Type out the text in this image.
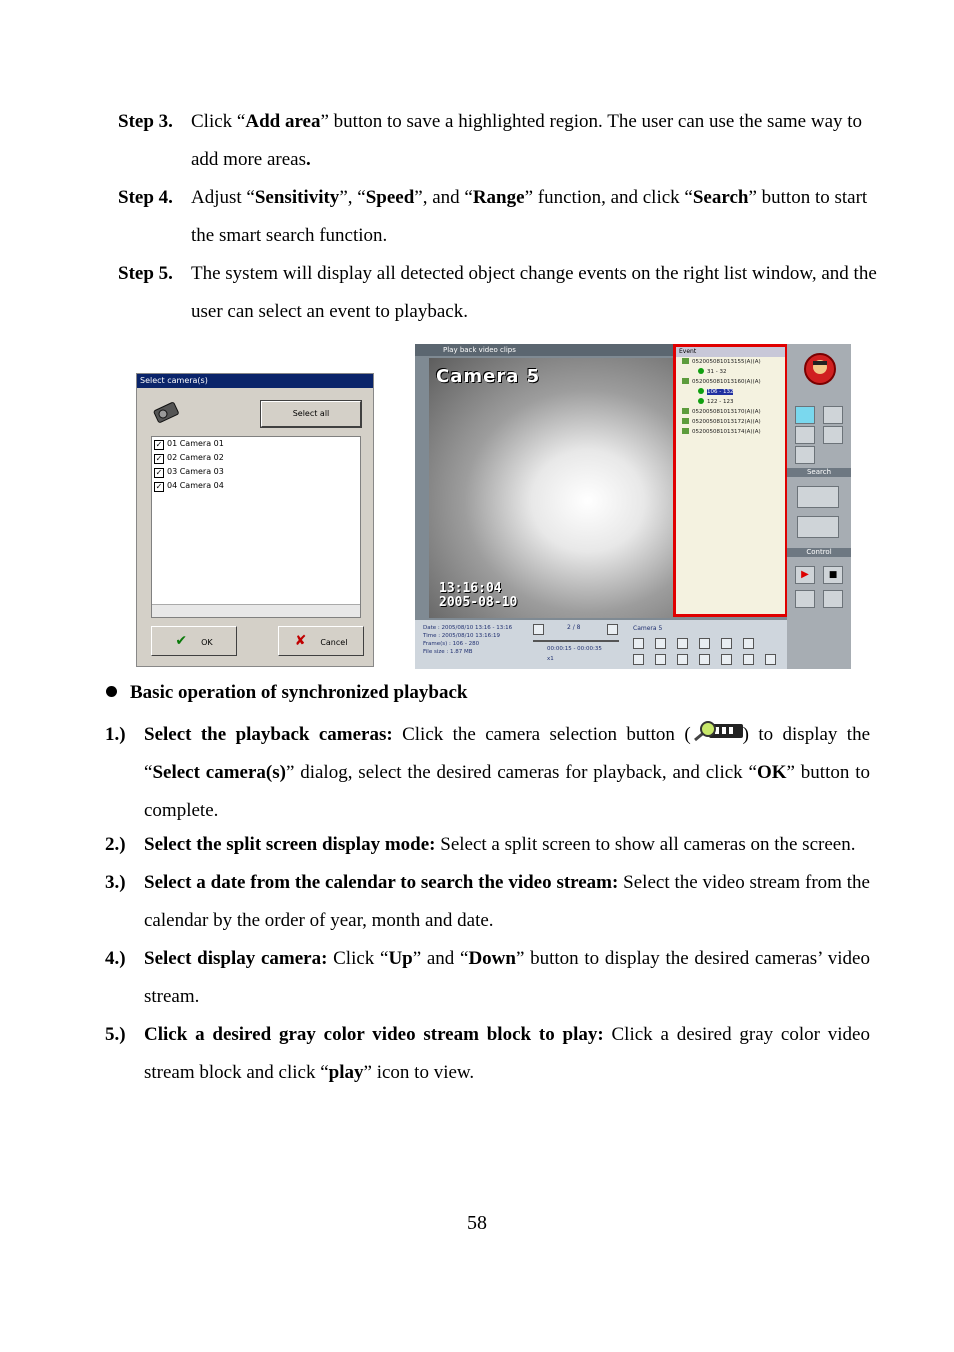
Step 3. Click “Add area” button to save a highlighted region. The user can use the same way to add more areas.
Step 4. Adjust “Sensitivity”, “Speed”, and “Range” function, and click “Search” button to start the smart search function.
Step 5. The system will display all detected object change events on the right list window, and the user can select an event to playback.
Select camera(s)
Select all
✓ 01 Camera 01
✓ 02 Camera 02
✓ 03 Camera 03
✓ 04 Camera 04
✔ OK	✘ Cancel
Play back video clips
Camera 5
13:16:04
2005-08-10
Event
052005081013155(A)(A)
31 - 32
052005081013160(A)(A)
106 - 132
122 - 123
052005081013170(A)(A)
052005081013172(A)(A)
052005081013174(A)(A)
Search
Control
▶	■
Date : 2005/08/10 13:16 - 13:16
Time : 2005/08/10 13:16:19
Frame(s) : 106 - 280
File size : 1.87 MB
2 / 8
00:00:15 - 00:00:35
x1
Camera 5
Basic operation of synchronized playback
1.) Select the playback cameras: Click the camera selection button (	) to display the “Select camera(s)” dialog, select the desired cameras for playback, and click “OK” button to complete.
2.) Select the split screen display mode: Select a split screen to show all cameras on the screen.
3.) Select a date from the calendar to search the video stream: Select the video stream from the calendar by the order of year, month and date.
4.) Select display camera: Click “Up” and “Down” button to display the desired cameras’ video stream.
5.) Click a desired gray color video stream block to play: Click a desired gray color video stream block and click “play” icon to view.
58
